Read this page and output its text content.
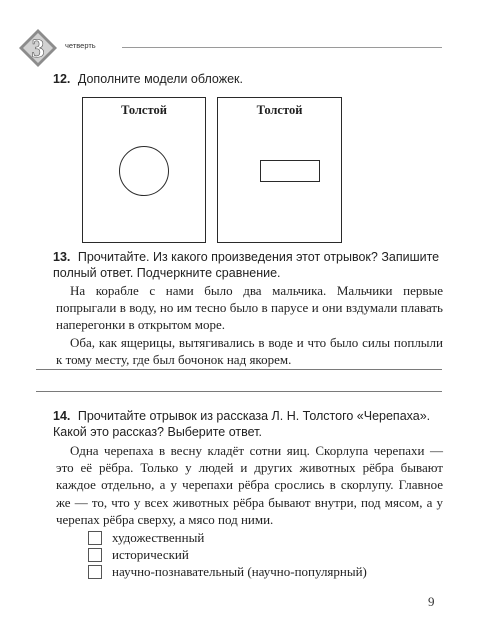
3	четверть
12. Дополните модели обложек.
Толстой	Толстой
13. Прочитайте. Из какого произведения этот отрывок? Запишите полный ответ. Подчеркните сравнение.

На корабле с нами было два мальчика. Мальчики первые попрыгали в воду, но им тесно было в парусе и они вздумали плавать наперегонки в открытом море.

Оба, как ящерицы, вытягивались в воде и что было силы поплыли к тому месту, где был бочонок над якорем.

14. Прочитайте отрывок из рассказа Л. Н. Толстого «Черепаха». Какой это рассказ? Выберите ответ.

Одна черепаха в весну кладёт сотни яиц. Скорлупа черепахи — это её рёбра. Только у людей и других животных рёбра бывают каждое отдельно, а у черепахи рёбра срослись в скорлупу. Главное же — то, что у всех животных рёбра бывают внутри, под мясом, а у черепах рёбра сверху, а мясо под ними.

художественный
исторический
научно-познавательный (научно-популярный)
9
